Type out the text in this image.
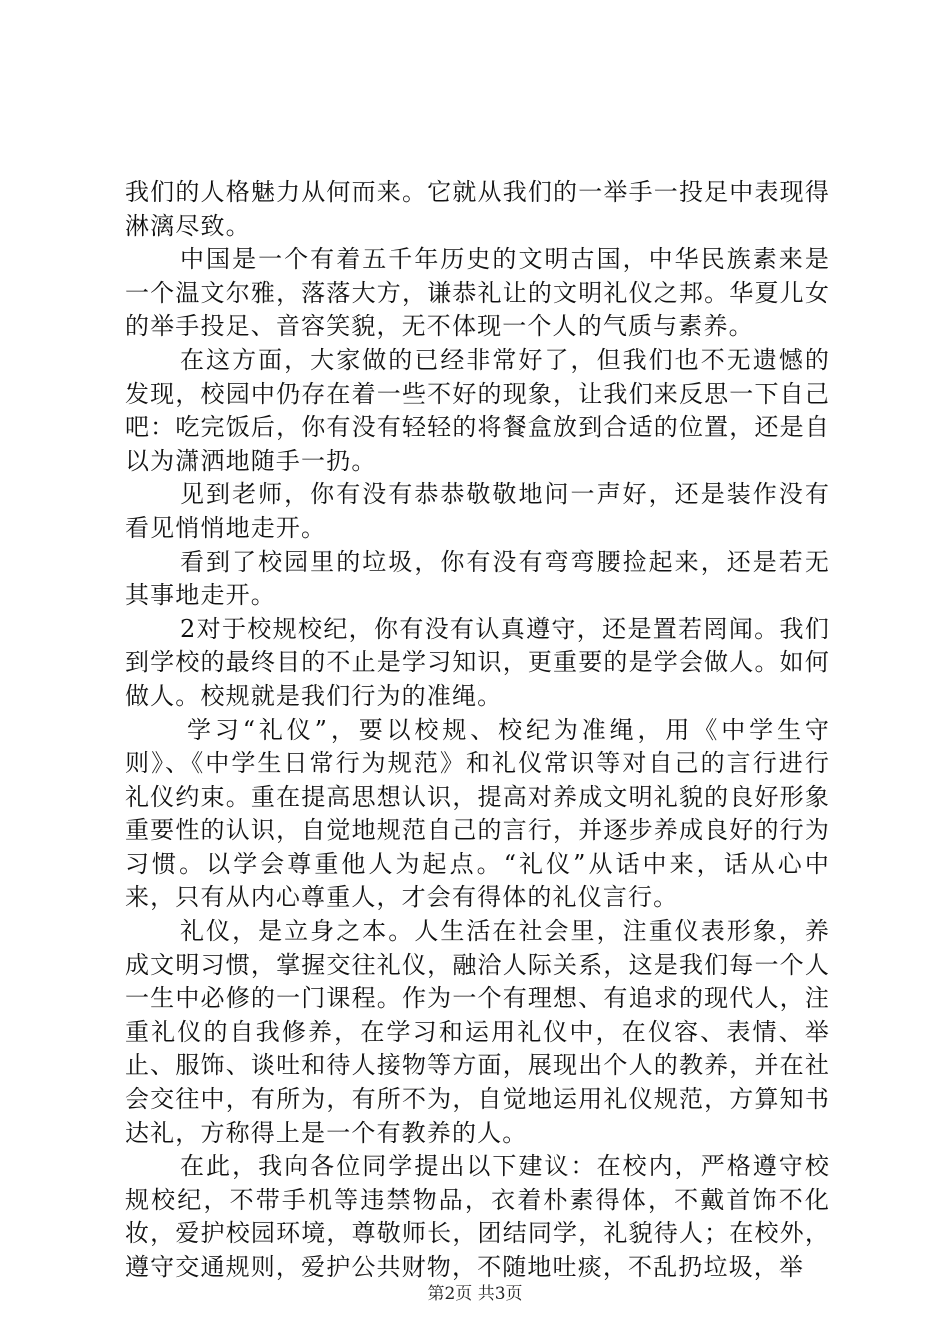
我们的人格魅力从何而来。它就从我们的一举手一投足中表现得淋漓尽致。

中国是一个有着五千年历史的文明古国，中华民族素来是一个温文尔雅，落落大方，谦恭礼让的文明礼仪之邦。华夏儿女的举手投足、音容笑貌，无不体现一个人的气质与素养。

在这方面，大家做的已经非常好了，但我们也不无遗憾的发现，校园中仍存在着一些不好的现象，让我们来反思一下自己吧：吃完饭后，你有没有轻轻的将餐盒放到合适的位置，还是自以为潇洒地随手一扔。

见到老师，你有没有恭恭敬敬地问一声好，还是装作没有看见悄悄地走开。

看到了校园里的垃圾，你有没有弯弯腰捡起来，还是若无其事地走开。

2对于校规校纪，你有没有认真遵守，还是置若罔闻。我们到学校的最终目的不止是学习知识，更重要的是学会做人。如何做人。校规就是我们行为的准绳。

学习“礼仪”，要以校规、校纪为准绳，用《中学生守则》、《中学生日常行为规范》和礼仪常识等对自己的言行进行礼仪约束。重在提高思想认识，提高对养成文明礼貌的良好形象重要性的认识，自觉地规范自己的言行，并逐步养成良好的行为习惯。以学会尊重他人为起点。“礼仪”从话中来，话从心中来，只有从内心尊重人，才会有得体的礼仪言行。

礼仪，是立身之本。人生活在社会里，注重仪表形象，养成文明习惯，掌握交往礼仪，融洽人际关系，这是我们每一个人一生中必修的一门课程。作为一个有理想、有追求的现代人，注重礼仪的自我修养，在学习和运用礼仪中，在仪容、表情、举止、服饰、谈吐和待人接物等方面，展现出个人的教养，并在社会交往中，有所为，有所不为，自觉地运用礼仪规范，方算知书达礼，方称得上是一个有教养的人。

在此，我向各位同学提出以下建议：在校内，严格遵守校规校纪，不带手机等违禁物品，衣着朴素得体，不戴首饰不化妆，爱护校园环境，尊敬师长，团结同学，礼貌待人；在校外，遵守交通规则，爱护公共财物，不随地吐痰，不乱扔垃圾，举

第2页 共3页
